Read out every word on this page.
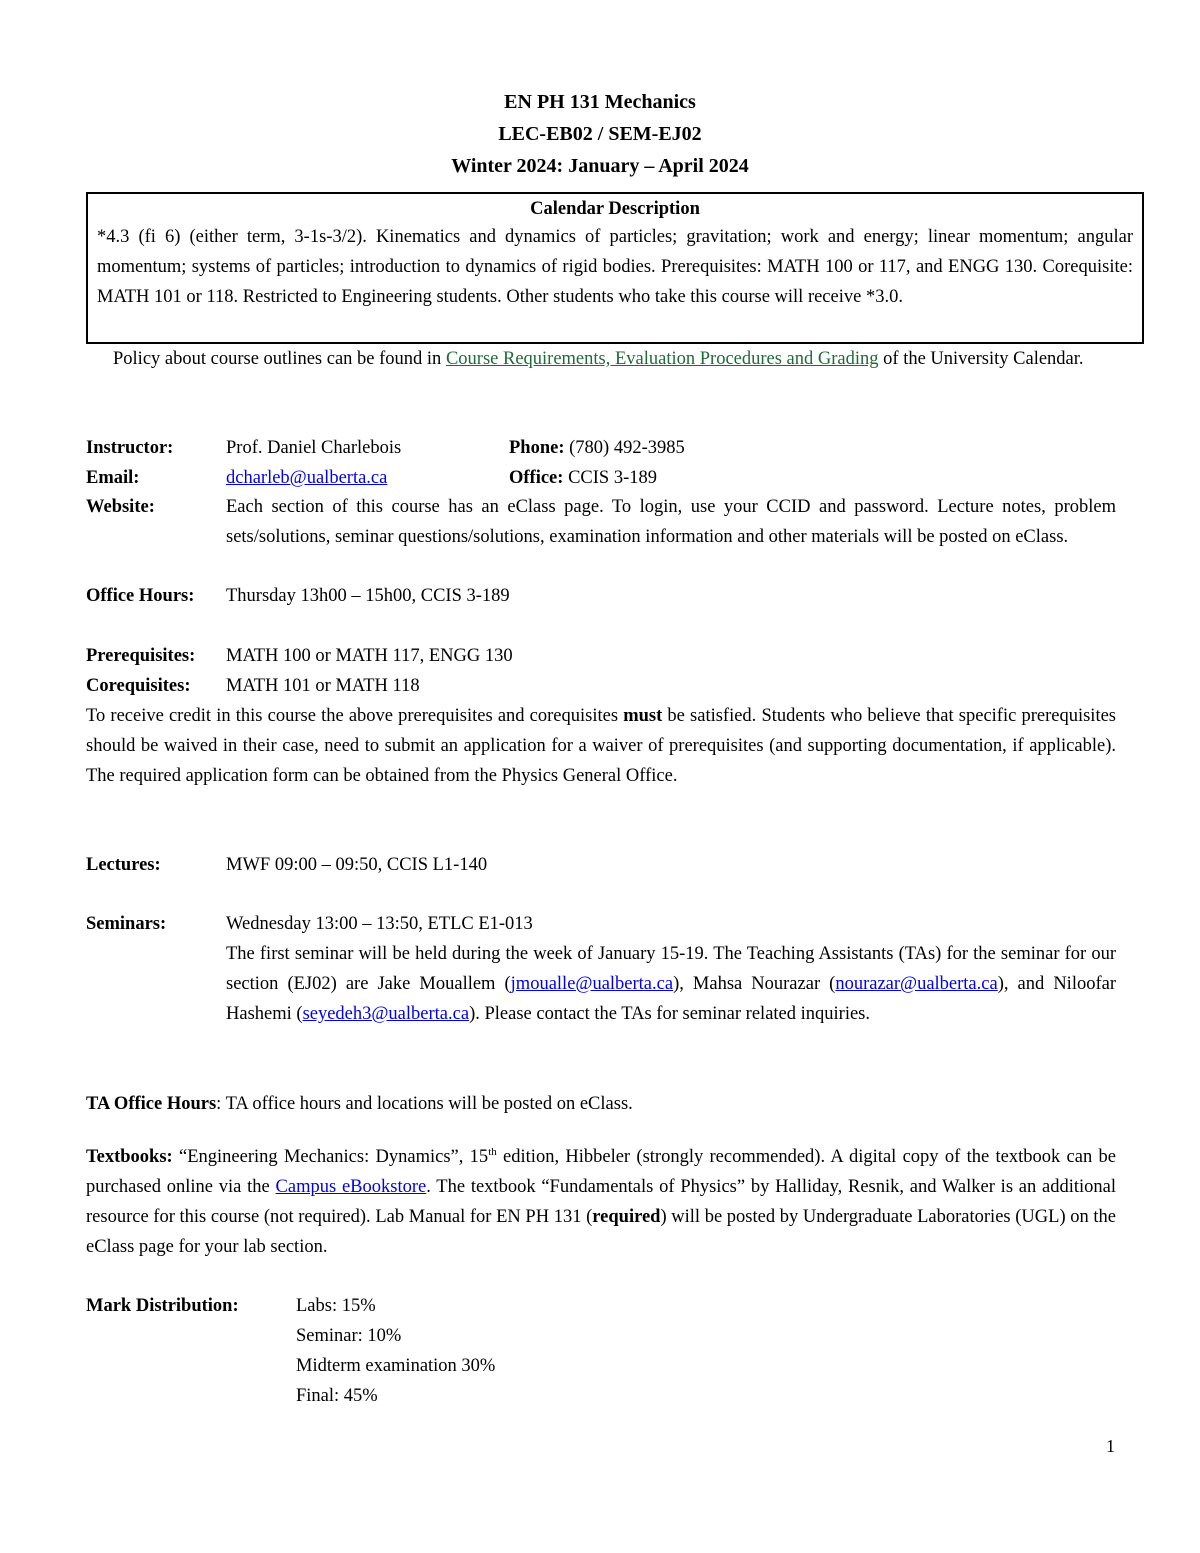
EN PH 131 Mechanics
LEC-EB02 / SEM-EJ02
Winter 2024: January – April 2024
Calendar Description
*4.3 (fi 6) (either term, 3-1s-3/2). Kinematics and dynamics of particles; gravitation; work and energy; linear momentum; angular momentum; systems of particles; introduction to dynamics of rigid bodies. Prerequisites: MATH 100 or 117, and ENGG 130. Corequisite: MATH 101 or 118. Restricted to Engineering students. Other students who take this course will receive *3.0.
Policy about course outlines can be found in Course Requirements, Evaluation Procedures and Grading of the University Calendar.
Instructor:	Prof. Daniel Charlebois	Phone: (780) 492-3985
Email:	dcharleb@ualberta.ca	Office: CCIS 3-189
Website:	Each section of this course has an eClass page. To login, use your CCID and password. Lecture notes, problem sets/solutions, seminar questions/solutions, examination information and other materials will be posted on eClass.
Office Hours: Thursday 13h00 – 15h00, CCIS 3-189
Prerequisites: MATH 100 or MATH 117, ENGG 130
Corequisites: MATH 101 or MATH 118
To receive credit in this course the above prerequisites and corequisites must be satisfied. Students who believe that specific prerequisites should be waived in their case, need to submit an application for a waiver of prerequisites (and supporting documentation, if applicable). The required application form can be obtained from the Physics General Office.
Lectures:	MWF 09:00 – 09:50, CCIS L1-140
Seminars:	Wednesday 13:00 – 13:50, ETLC E1-013
The first seminar will be held during the week of January 15-19. The Teaching Assistants (TAs) for the seminar for our section (EJ02) are Jake Mouallem (jmoualle@ualberta.ca), Mahsa Nourazar (nourazar@ualberta.ca), and Niloofar Hashemi (seyedeh3@ualberta.ca). Please contact the TAs for seminar related inquiries.
TA Office Hours: TA office hours and locations will be posted on eClass.
Textbooks: “Engineering Mechanics: Dynamics”, 15th edition, Hibbeler (strongly recommended). A digital copy of the textbook can be purchased online via the Campus eBookstore. The textbook “Fundamentals of Physics” by Halliday, Resnik, and Walker is an additional resource for this course (not required). Lab Manual for EN PH 131 (required) will be posted by Undergraduate Laboratories (UGL) on the eClass page for your lab section.
Mark Distribution:	Labs: 15%
Seminar: 10%
Midterm examination 30%
Final: 45%
1
